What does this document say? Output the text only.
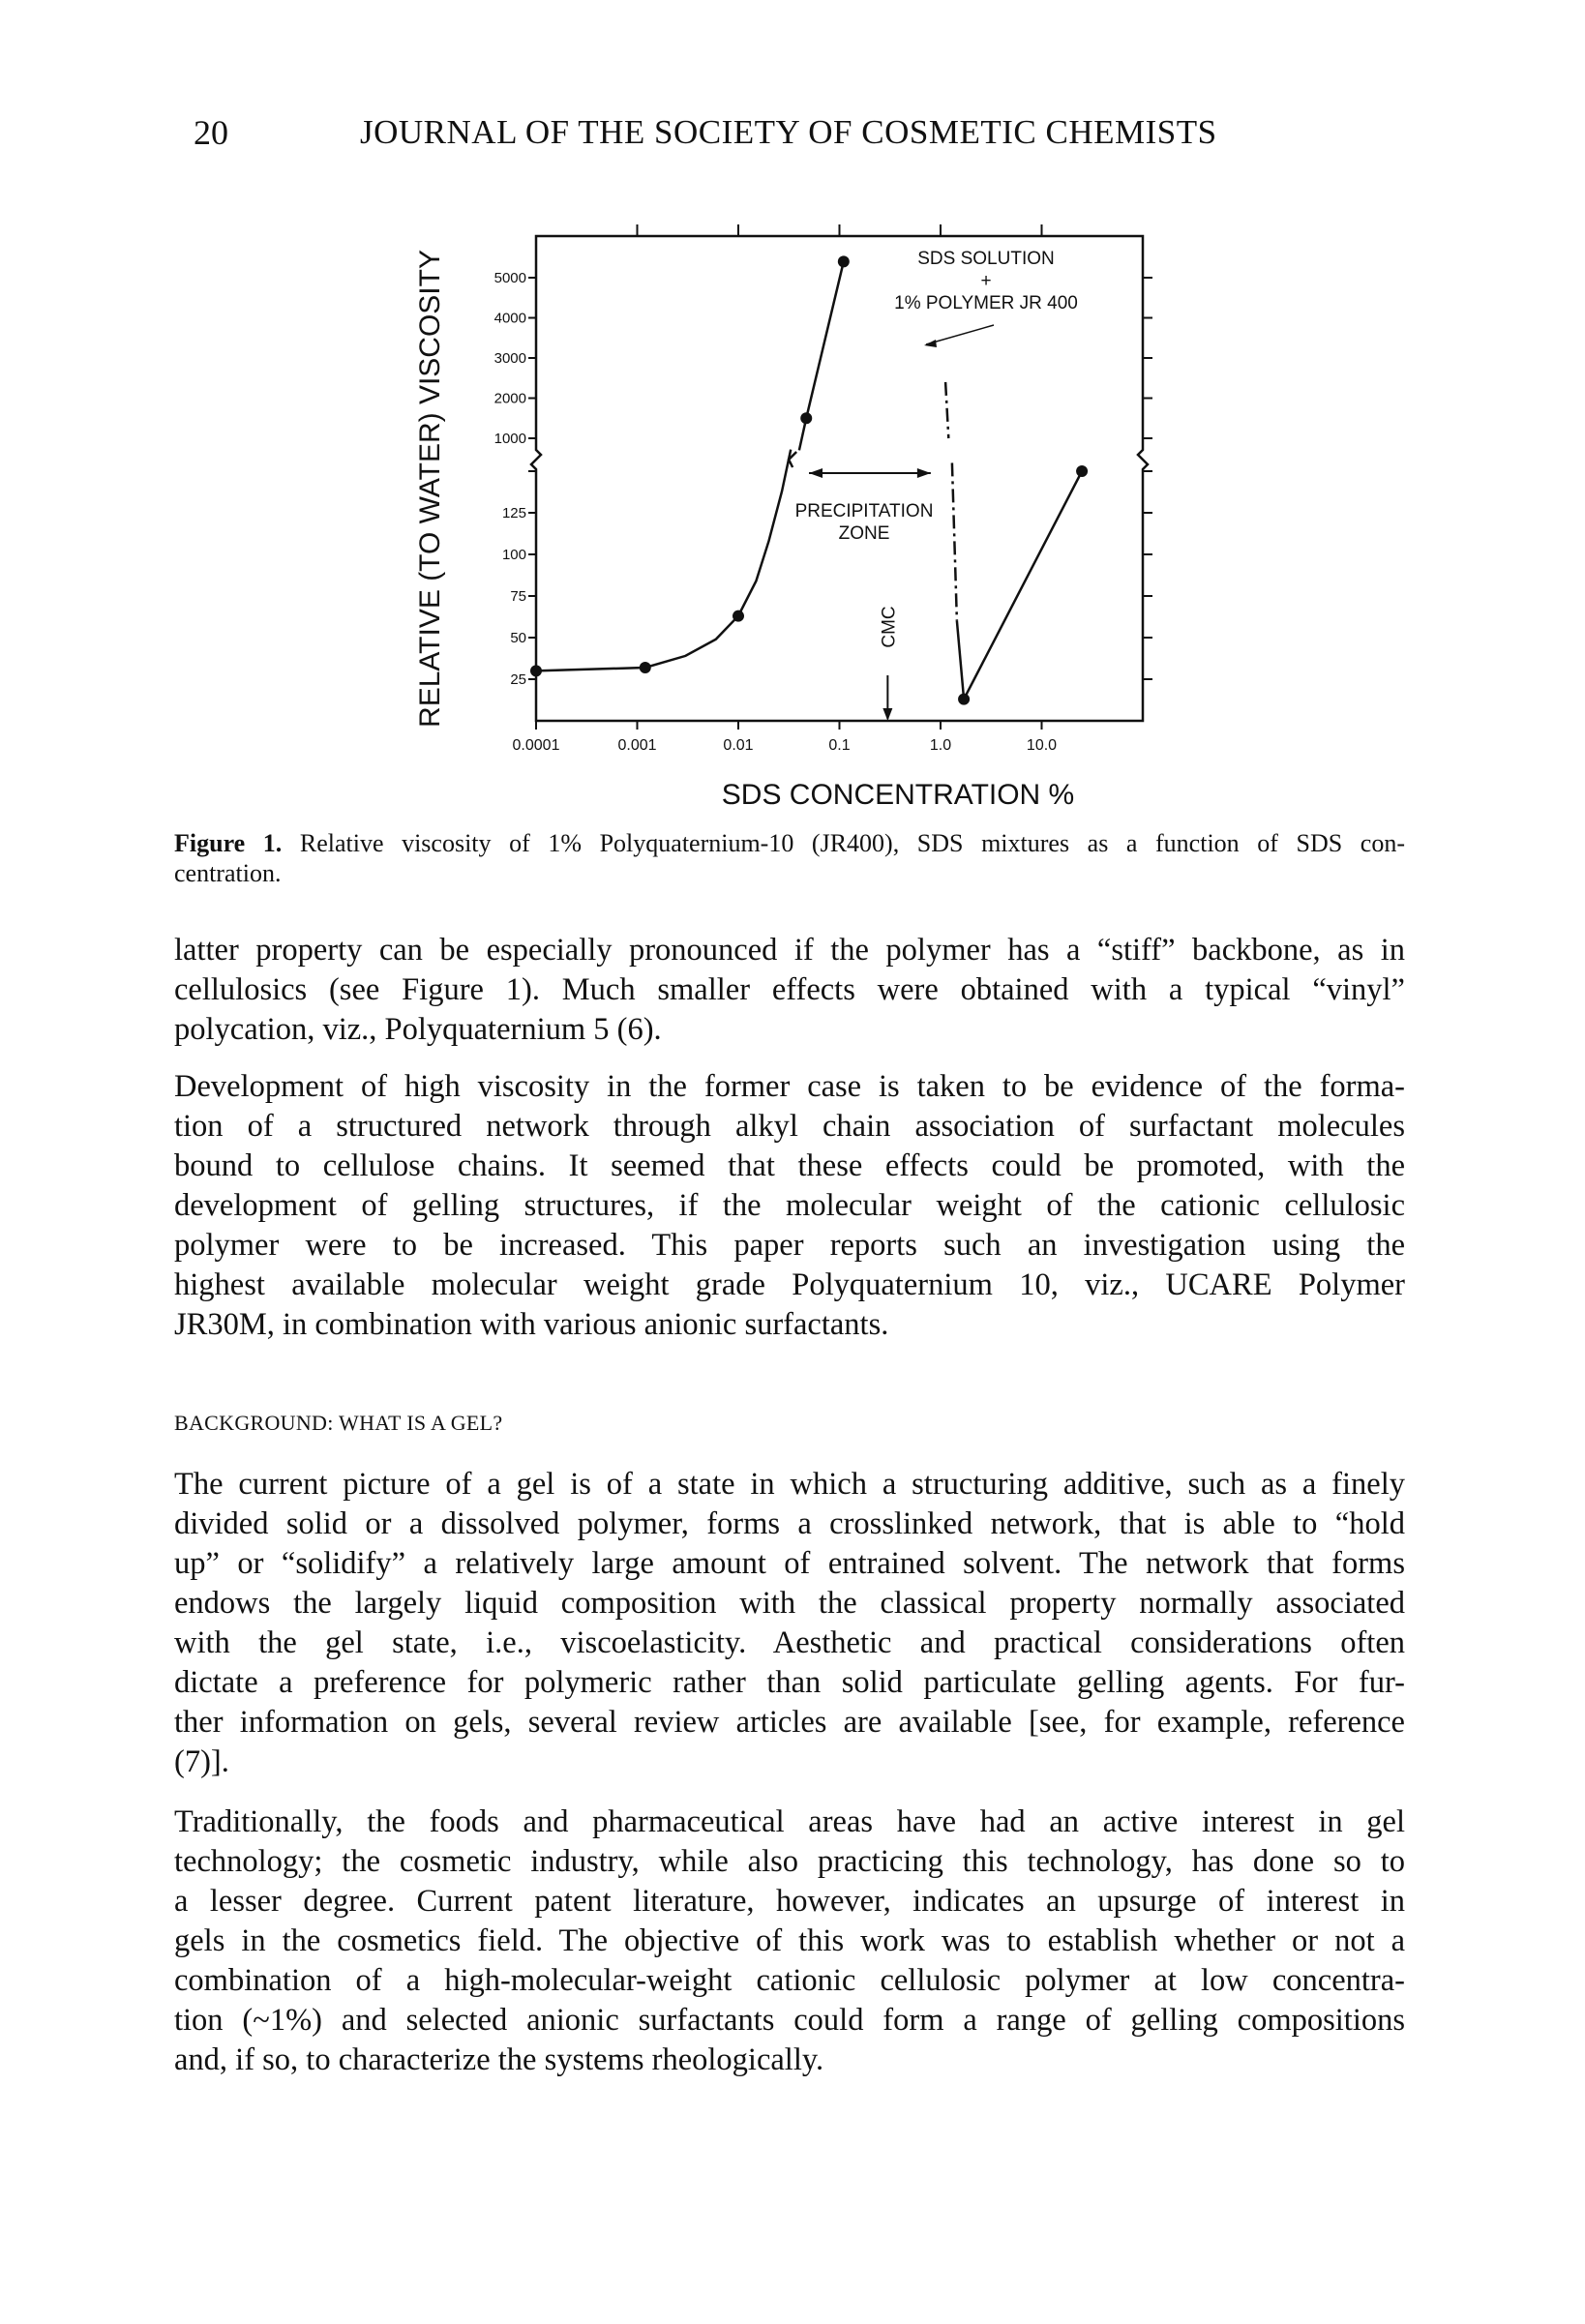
20	JOURNAL OF THE SOCIETY OF COSMETIC CHEMISTS
0.0001	0.001	0.01	0.1	1.0	10.0
25
50
75
100
125
1000
2000
3000
4000
5000
SDS SOLUTION
+
1% POLYMER JR 400
PRECIPITATION
ZONE
CMC
RELATIVE (TO WATER) VISCOSITY
SDS CONCENTRATION %
Figure 1. Relative viscosity of 1% Polyquaternium-10 (JR400), SDS mixtures as a function of SDS con-
centration.
latter property can be especially pronounced if the polymer has a “stiff” backbone, as in
cellulosics (see Figure 1). Much smaller effects were obtained with a typical “vinyl”
polycation, viz., Polyquaternium 5 (6).
Development of high viscosity in the former case is taken to be evidence of the forma-
tion of a structured network through alkyl chain association of surfactant molecules
bound to cellulose chains. It seemed that these effects could be promoted, with the
development of gelling structures, if the molecular weight of the cationic cellulosic
polymer were to be increased. This paper reports such an investigation using the
highest available molecular weight grade Polyquaternium 10, viz., UCARE Polymer
JR30M, in combination with various anionic surfactants.
BACKGROUND: WHAT IS A GEL?
The current picture of a gel is of a state in which a structuring additive, such as a finely
divided solid or a dissolved polymer, forms a crosslinked network, that is able to “hold
up” or “solidify” a relatively large amount of entrained solvent. The network that forms
endows the largely liquid composition with the classical property normally associated
with the gel state, i.e., viscoelasticity. Aesthetic and practical considerations often
dictate a preference for polymeric rather than solid particulate gelling agents. For fur-
ther information on gels, several review articles are available [see, for example, reference
(7)].
Traditionally, the foods and pharmaceutical areas have had an active interest in gel
technology; the cosmetic industry, while also practicing this technology, has done so to
a lesser degree. Current patent literature, however, indicates an upsurge of interest in
gels in the cosmetics field. The objective of this work was to establish whether or not a
combination of a high-molecular-weight cationic cellulosic polymer at low concentra-
tion (~1%) and selected anionic surfactants could form a range of gelling compositions
and, if so, to characterize the systems rheologically.
